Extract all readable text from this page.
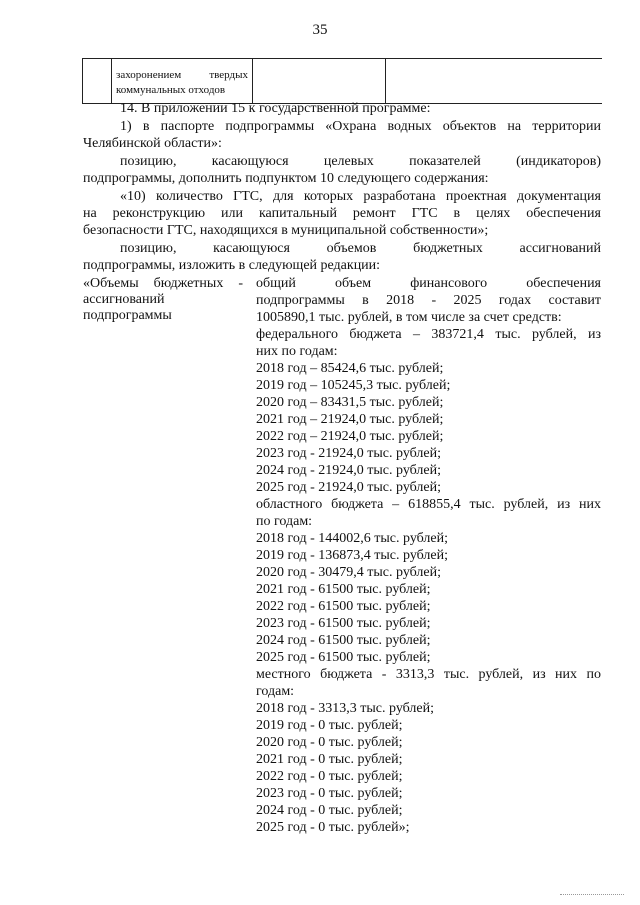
35
захоронением твердых
коммунальных отходов
14. В приложении 15 к государственной программе:
1) в паспорте подпрограммы «Охрана водных объектов на территории
Челябинской области»:
позицию, касающуюся целевых показателей (индикаторов)
подпрограммы, дополнить подпунктом 10 следующего содержания:
«10) количество ГТС, для которых разработана проектная документация
на реконструкцию или капитальный ремонт ГТС в целях обеспечения
безопасности ГТС, находящихся в муниципальной собственности»;
позицию, касающуюся объемов бюджетных ассигнований
подпрограммы, изложить в следующей редакции:
«Объемы бюджетных -
ассигнований
подпрограммы
общий объем финансового обеспечения
подпрограммы в 2018 - 2025 годах составит
1005890,1 тыс. рублей, в том числе за счет средств:
федерального бюджета – 383721,4 тыс. рублей, из
них по годам:
2018 год – 85424,6 тыс. рублей;
2019 год – 105245,3 тыс. рублей;
2020 год – 83431,5 тыс. рублей;
2021 год – 21924,0 тыс. рублей;
2022 год – 21924,0 тыс. рублей;
2023 год - 21924,0 тыс. рублей;
2024 год - 21924,0 тыс. рублей;
2025 год - 21924,0 тыс. рублей;
областного бюджета – 618855,4 тыс. рублей, из них
по годам:
2018 год - 144002,6 тыс. рублей;
2019 год - 136873,4 тыс. рублей;
2020 год - 30479,4 тыс. рублей;
2021 год - 61500 тыс. рублей;
2022 год - 61500 тыс. рублей;
2023 год - 61500 тыс. рублей;
2024 год - 61500 тыс. рублей;
2025 год - 61500 тыс. рублей;
местного бюджета - 3313,3 тыс. рублей, из них по
годам:
2018 год - 3313,3 тыс. рублей;
2019 год - 0 тыс. рублей;
2020 год - 0 тыс. рублей;
2021 год - 0 тыс. рублей;
2022 год - 0 тыс. рублей;
2023 год - 0 тыс. рублей;
2024 год - 0 тыс. рублей;
2025 год - 0 тыс. рублей»;
